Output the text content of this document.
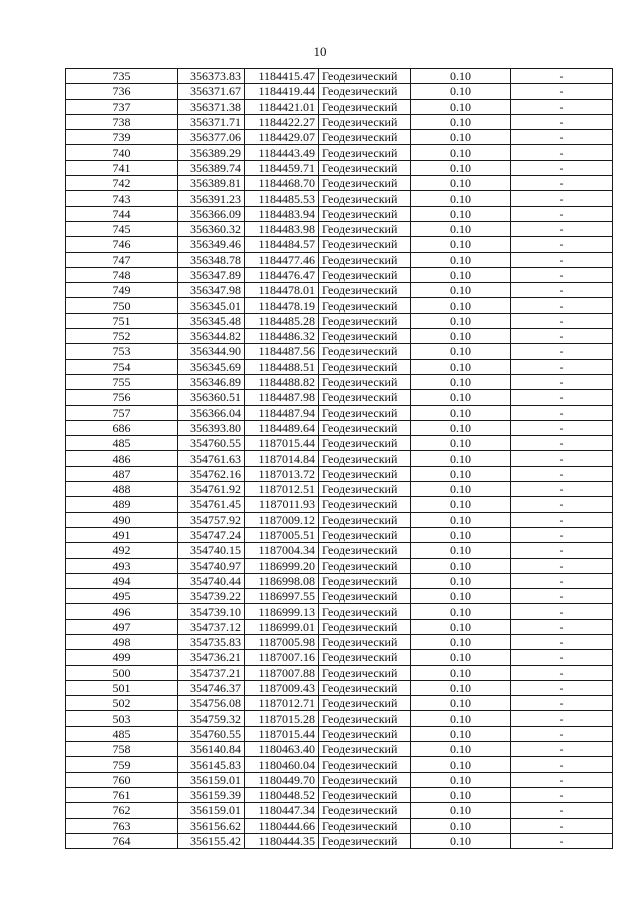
10
735	356373.83	1184415.47	Геодезический	0.10	-
736	356371.67	1184419.44	Геодезический	0.10	-
737	356371.38	1184421.01	Геодезический	0.10	-
738	356371.71	1184422.27	Геодезический	0.10	-
739	356377.06	1184429.07	Геодезический	0.10	-
740	356389.29	1184443.49	Геодезический	0.10	-
741	356389.74	1184459.71	Геодезический	0.10	-
742	356389.81	1184468.70	Геодезический	0.10	-
743	356391.23	1184485.53	Геодезический	0.10	-
744	356366.09	1184483.94	Геодезический	0.10	-
745	356360.32	1184483.98	Геодезический	0.10	-
746	356349.46	1184484.57	Геодезический	0.10	-
747	356348.78	1184477.46	Геодезический	0.10	-
748	356347.89	1184476.47	Геодезический	0.10	-
749	356347.98	1184478.01	Геодезический	0.10	-
750	356345.01	1184478.19	Геодезический	0.10	-
751	356345.48	1184485.28	Геодезический	0.10	-
752	356344.82	1184486.32	Геодезический	0.10	-
753	356344.90	1184487.56	Геодезический	0.10	-
754	356345.69	1184488.51	Геодезический	0.10	-
755	356346.89	1184488.82	Геодезический	0.10	-
756	356360.51	1184487.98	Геодезический	0.10	-
757	356366.04	1184487.94	Геодезический	0.10	-
686	356393.80	1184489.64	Геодезический	0.10	-
485	354760.55	1187015.44	Геодезический	0.10	-
486	354761.63	1187014.84	Геодезический	0.10	-
487	354762.16	1187013.72	Геодезический	0.10	-
488	354761.92	1187012.51	Геодезический	0.10	-
489	354761.45	1187011.93	Геодезический	0.10	-
490	354757.92	1187009.12	Геодезический	0.10	-
491	354747.24	1187005.51	Геодезический	0.10	-
492	354740.15	1187004.34	Геодезический	0.10	-
493	354740.97	1186999.20	Геодезический	0.10	-
494	354740.44	1186998.08	Геодезический	0.10	-
495	354739.22	1186997.55	Геодезический	0.10	-
496	354739.10	1186999.13	Геодезический	0.10	-
497	354737.12	1186999.01	Геодезический	0.10	-
498	354735.83	1187005.98	Геодезический	0.10	-
499	354736.21	1187007.16	Геодезический	0.10	-
500	354737.21	1187007.88	Геодезический	0.10	-
501	354746.37	1187009.43	Геодезический	0.10	-
502	354756.08	1187012.71	Геодезический	0.10	-
503	354759.32	1187015.28	Геодезический	0.10	-
485	354760.55	1187015.44	Геодезический	0.10	-
758	356140.84	1180463.40	Геодезический	0.10	-
759	356145.83	1180460.04	Геодезический	0.10	-
760	356159.01	1180449.70	Геодезический	0.10	-
761	356159.39	1180448.52	Геодезический	0.10	-
762	356159.01	1180447.34	Геодезический	0.10	-
763	356156.62	1180444.66	Геодезический	0.10	-
764	356155.42	1180444.35	Геодезический	0.10	-
